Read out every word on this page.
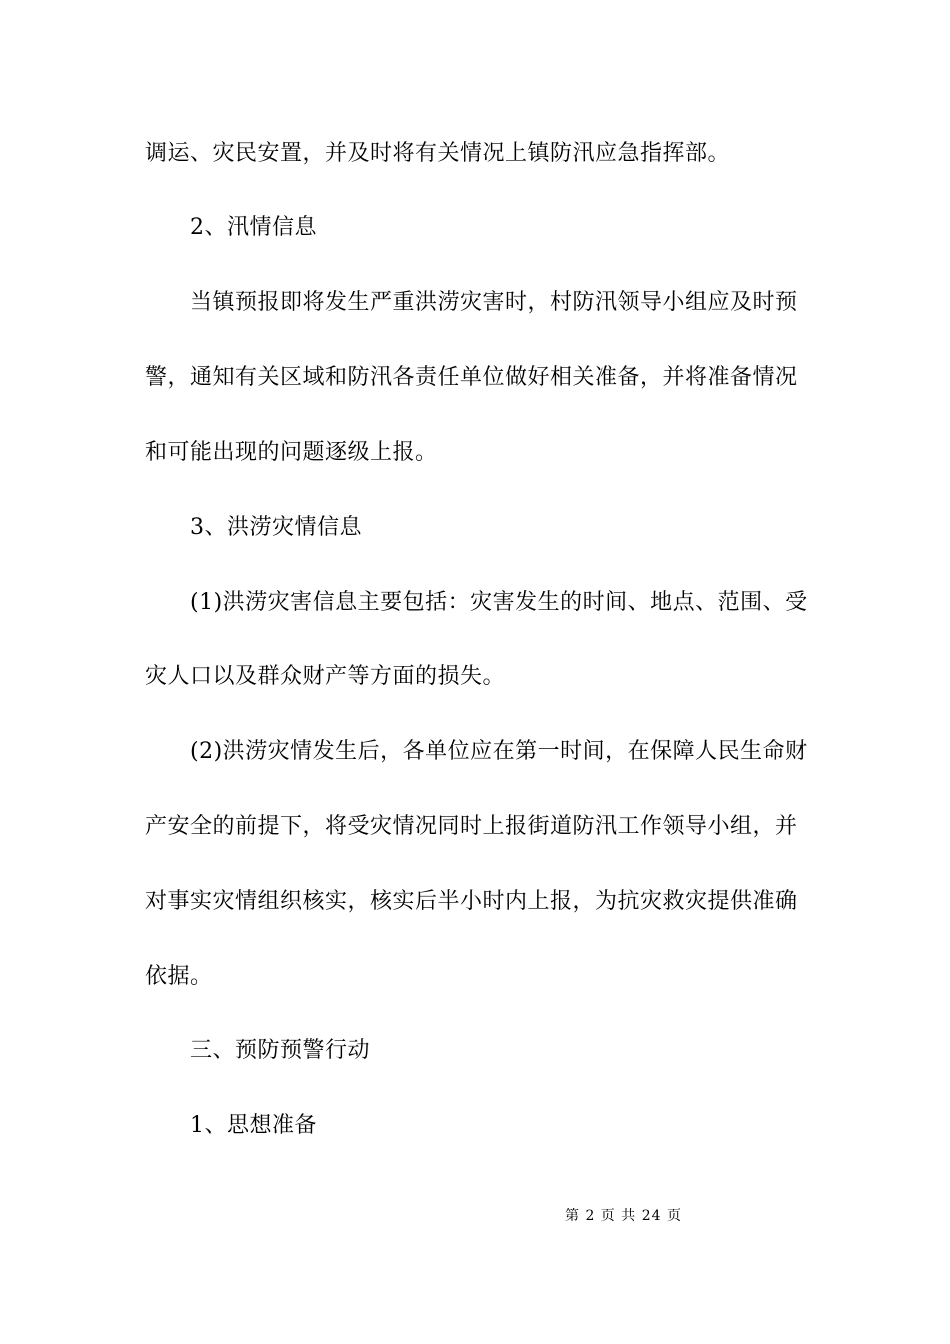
调运、灾民安置，并及时将有关情况上镇防汛应急指挥部。
2、汛情信息
当镇预报即将发生严重洪涝灾害时，村防汛领导小组应及时预
警，通知有关区域和防汛各责任单位做好相关准备，并将准备情况
和可能出现的问题逐级上报。
3、洪涝灾情信息
(1)洪涝灾害信息主要包括：灾害发生的时间、地点、范围、受
灾人口以及群众财产等方面的损失。
(2)洪涝灾情发生后，各单位应在第一时间，在保障人民生命财
产安全的前提下，将受灾情况同时上报街道防汛工作领导小组，并
对事实灾情组织核实，核实后半小时内上报，为抗灾救灾提供准确
依据。
三、预防预警行动
1、思想准备
第 2 页 共 24 页
